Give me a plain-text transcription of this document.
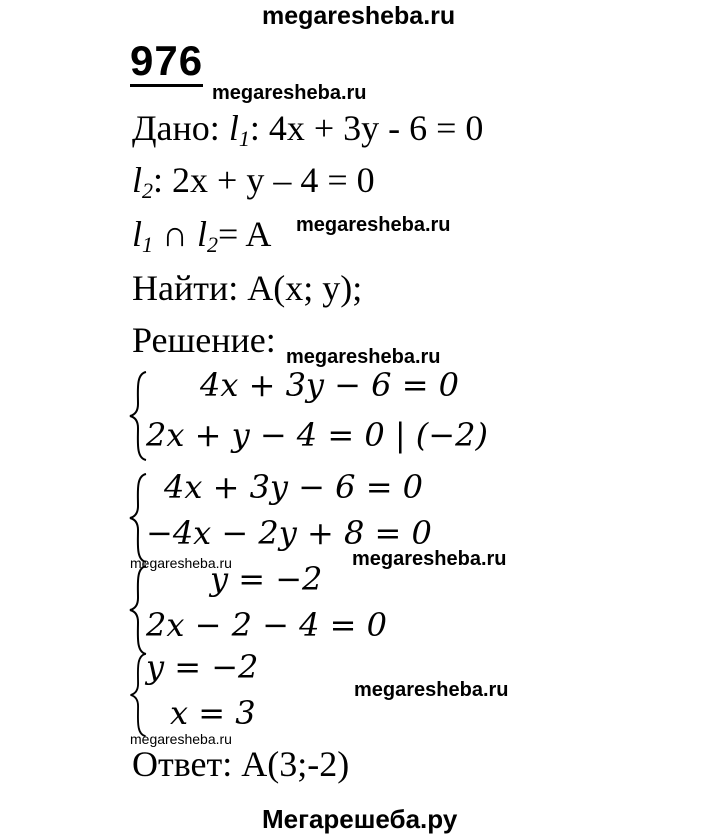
megaresheba.ru
976
megaresheba.ru
Дано: $l_1$: 4x + 3y - 6 = 0
$l_2$: 2x + y – 4 = 0
$l_1$ ∩ $l_2= A$ megaresheba.ru
Найти: A(x; y);
Решение: megaresheba.ru
4x + 3y − 6 = 0
2x + y − 4 = 0 | (−2)
4x + 3y − 6 = 0
−4x − 2y + 8 = 0
megaresheba.ru	megaresheba.ru
y = −2
2x − 2 − 4 = 0
y = −2
x = 3
megaresheba.ru
megaresheba.ru
Ответ: A(3;-2)
Мегарешеба.ру
